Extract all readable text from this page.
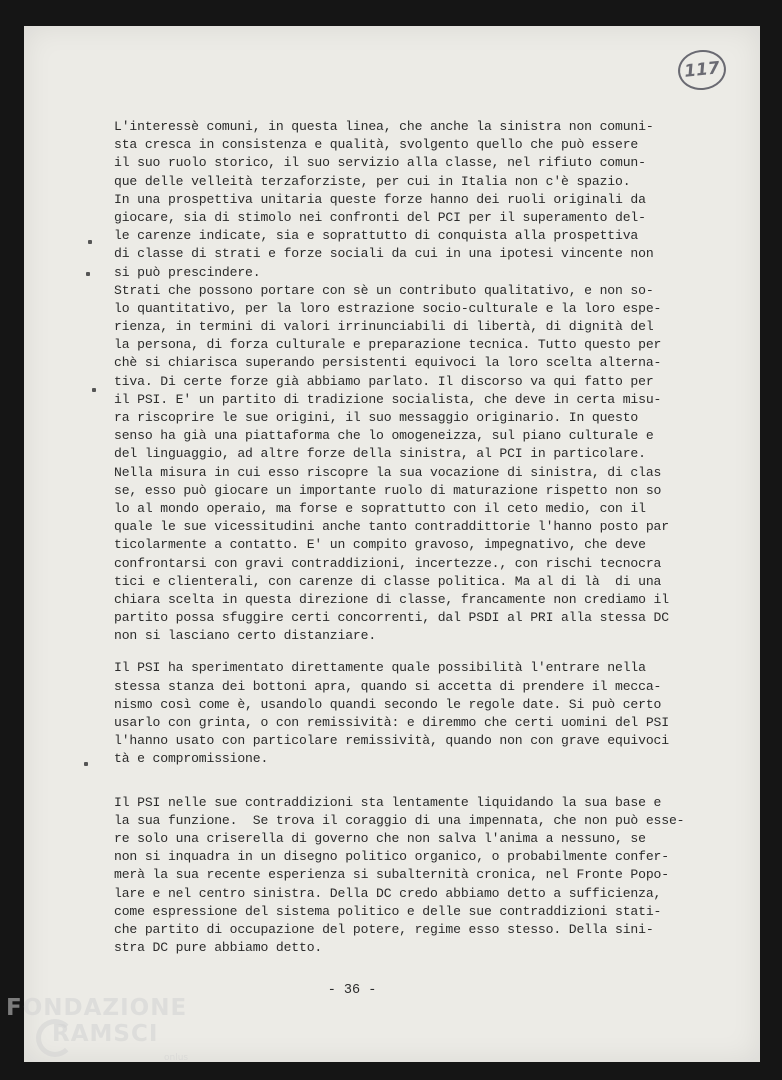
117
L'interessè comuni, in questa linea, che anche la sinistra non comuni-
sta cresca in consistenza e qualità, svolgento quello che può essere
il suo ruolo storico, il suo servizio alla classe, nel rifiuto comun-
que delle velleità terzaforziste, per cui in Italia non c'è spazio.
In una prospettiva unitaria queste forze hanno dei ruoli originali da
giocare, sia di stimolo nei confronti del PCI per il superamento del-
le carenze indicate, sia e soprattutto di conquista alla prospettiva
di classe di strati e forze sociali da cui in una ipotesi vincente non
si può prescindere.
Strati che possono portare con sè un contributo qualitativo, e non so-
lo quantitativo, per la loro estrazione socio-culturale e la loro espe-
rienza, in termini di valori irrinunciabili di libertà, di dignità del
la persona, di forza culturale e preparazione tecnica. Tutto questo per
chè si chiarisca superando persistenti equivoci la loro scelta alterna-
tiva. Di certe forze già abbiamo parlato. Il discorso va qui fatto per
il PSI. E' un partito di tradizione socialista, che deve in certa misu-
ra riscoprire le sue origini, il suo messaggio originario. In questo
senso ha già una piattaforma che lo omogeneizza, sul piano culturale e
del linguaggio, ad altre forze della sinistra, al PCI in particolare.
Nella misura in cui esso riscopre la sua vocazione di sinistra, di clas
se, esso può giocare un importante ruolo di maturazione rispetto non so
lo al mondo operaio, ma forse e soprattutto con il ceto medio, con il
quale le sue vicessitudini anche tanto contraddittorie l'hanno posto par
ticolarmente a contatto. E' un compito gravoso, impegnativo, che deve
confrontarsi con gravi contraddizioni, incertezze., con rischi tecnocra
tici e clienterali, con carenze di classe politica. Ma al di là  di una
chiara scelta in questa direzione di classe, francamente non crediamo il
partito possa sfuggire certi concorrenti, dal PSDI al PRI alla stessa DC
non si lasciano certo distanziare.
Il PSI ha sperimentato direttamente quale possibilità l'entrare nella
stessa stanza dei bottoni apra, quando si accetta di prendere il mecca-
nismo così come è, usandolo quandi secondo le regole date. Si può certo
usarlo con grinta, o con remissività: e diremmo che certi uomini del PSI
l'hanno usato con particolare remissività, quando non con grave equivoci
tà e compromissione.
Il PSI nelle sue contraddizioni sta lentamente liquidando la sua base e
la sua funzione.  Se trova il coraggio di una impennata, che non può esse-
re solo una criserella di governo che non salva l'anima a nessuno, se
non si inquadra in un disegno politico organico, o probabilmente confer-
merà la sua recente esperienza si subalternità cronica, nel Fronte Popo-
lare e nel centro sinistra. Della DC credo abbiamo detto a sufficienza,
come espressione del sistema politico e delle sue contraddizioni stati-
che partito di occupazione del potere, regime esso stesso. Della sini-
stra DC pure abbiamo detto.
- 36 -
FONDAZIONE
RAMSCI
onlus
